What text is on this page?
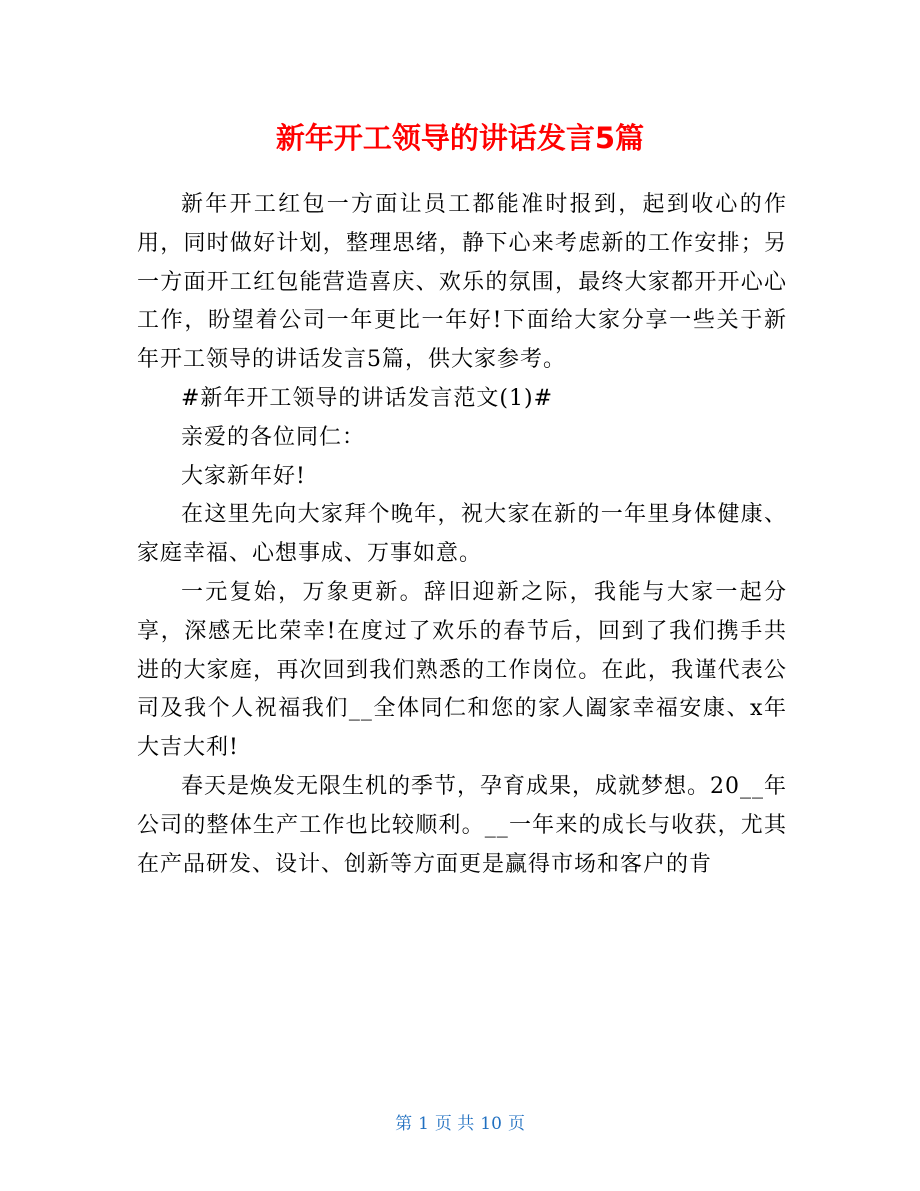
新年开工领导的讲话发言5篇

新年开工红包一方面让员工都能准时报到，起到收心的作用，同时做好计划，整理思绪，静下心来考虑新的工作安排；另一方面开工红包能营造喜庆、欢乐的氛围，最终大家都开开心心工作，盼望着公司一年更比一年好!下面给大家分享一些关于新年开工领导的讲话发言5篇，供大家参考。

#新年开工领导的讲话发言范文(1)#

亲爱的各位同仁：

大家新年好!

在这里先向大家拜个晚年，祝大家在新的一年里身体健康、家庭幸福、心想事成、万事如意。

一元复始，万象更新。辞旧迎新之际，我能与大家一起分享，深感无比荣幸!在度过了欢乐的春节后，回到了我们携手共进的大家庭，再次回到我们熟悉的工作岗位。在此，我谨代表公司及我个人祝福我们__全体同仁和您的家人阖家幸福安康、x年大吉大利!

春天是焕发无限生机的季节，孕育成果，成就梦想。20__年公司的整体生产工作也比较顺利。__一年来的成长与收获，尤其在产品研发、设计、创新等方面更是赢得市场和客户的肯

第 1 页 共 10 页
